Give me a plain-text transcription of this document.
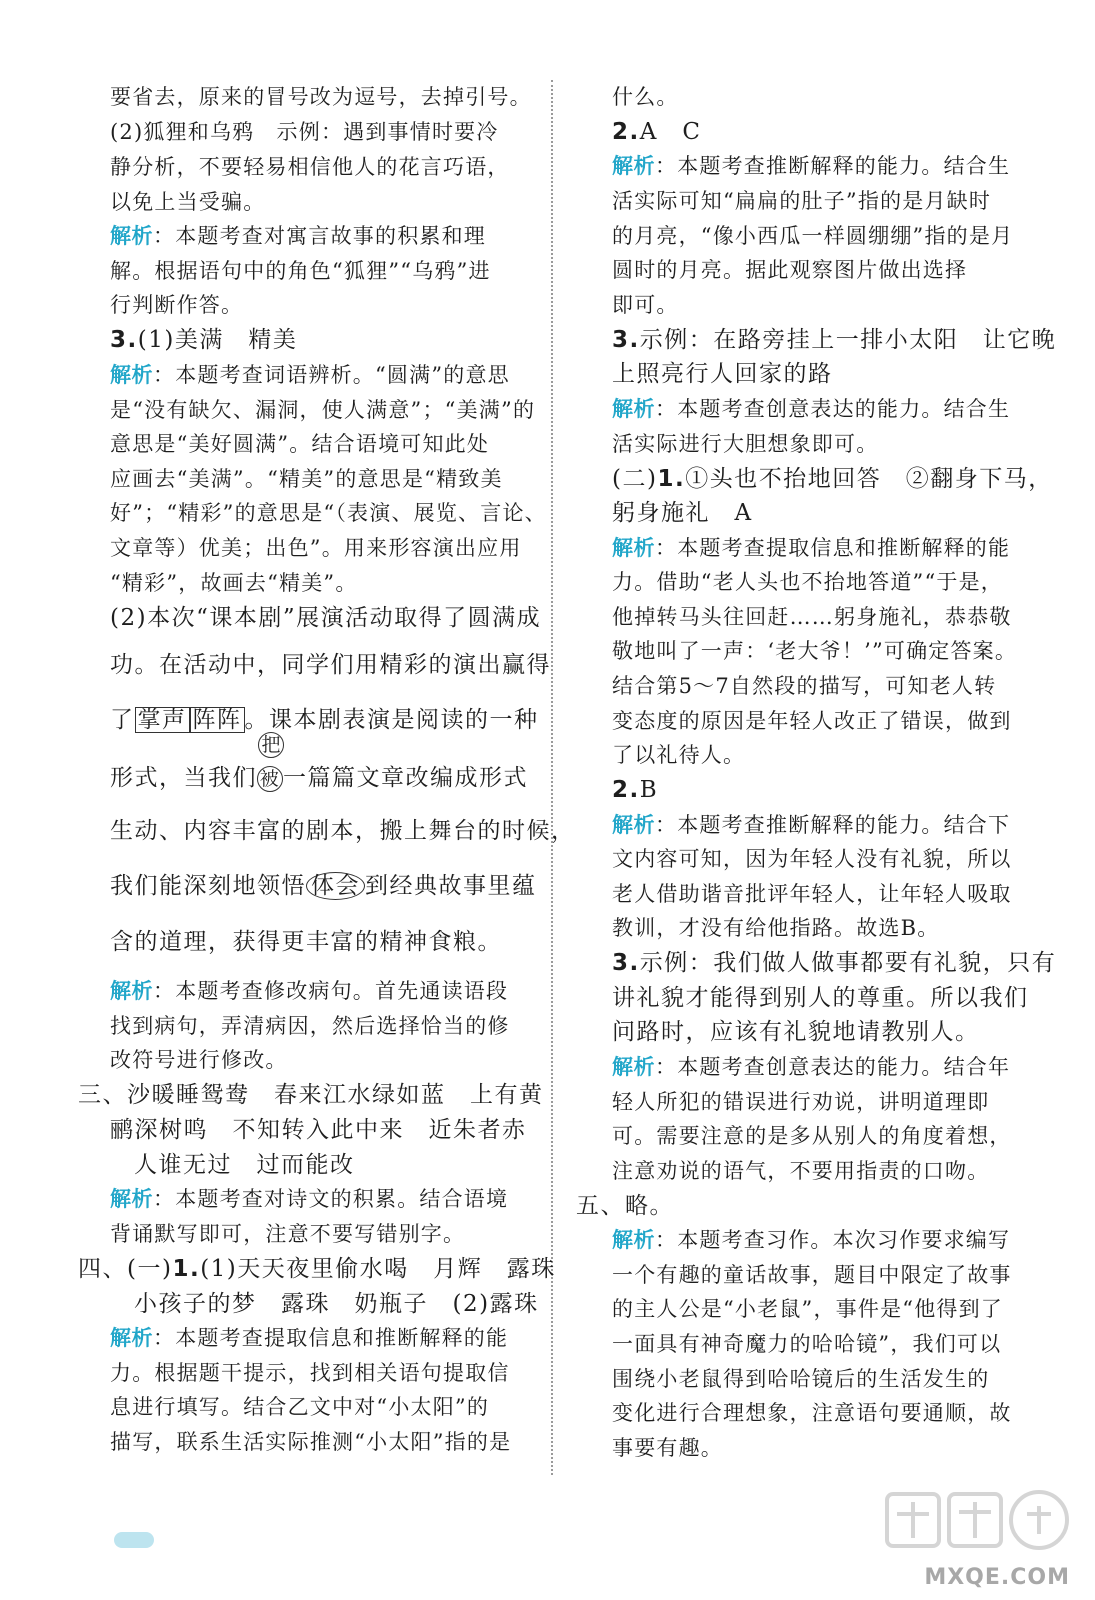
要省去，原来的冒号改为逗号，去掉引号。
(2)狐狸和乌鸦　示例：遇到事情时要冷
静分析，不要轻易相信他人的花言巧语，
以免上当受骗。
解析：本题考查对寓言故事的积累和理
解。根据语句中的角色“狐狸”“乌鸦”进
行判断作答。
3.(1)美满　精美
解析：本题考查词语辨析。“圆满”的意思
是“没有缺欠、漏洞，使人满意”；“美满”的
意思是“美好圆满”。结合语境可知此处
应画去“美满”。“精美”的意思是“精致美
好”；“精彩”的意思是“（表演、展览、言论、
文章等）优美；出色”。用来形容演出应用
“精彩”，故画去“精美”。
(2)本次“课本剧”展演活动取得了圆满成
功。在活动中，同学们用精彩的演出赢得
了 掌声 阵阵 。课本剧表演是阅读的一种
把
形式，当我们 被 一篇篇文章改编成形式
生动、内容丰富的剧本，搬上舞台的时候，
我们能深刻地领悟 体会 到经典故事里蕴
含的道理，获得更丰富的精神食粮。
解析：本题考查修改病句。首先通读语段
找到病句，弄清病因，然后选择恰当的修
改符号进行修改。
三、沙暖睡鸳鸯　春来江水绿如蓝　上有黄
鹂深树鸣　不知转入此中来　近朱者赤
人谁无过　过而能改
解析：本题考查对诗文的积累。结合语境
背诵默写即可，注意不要写错别字。
四、(一)1.(1)天天夜里偷水喝　月辉　露珠
小孩子的梦　露珠　奶瓶子　(2)露珠
解析：本题考查提取信息和推断解释的能
力。根据题干提示，找到相关语句提取信
息进行填写。结合乙文中对“小太阳”的
描写，联系生活实际推测“小太阳”指的是
什么。
2.A　C
解析：本题考查推断解释的能力。结合生
活实际可知“扁扁的肚子”指的是月缺时
的月亮，“像小西瓜一样圆绷绷”指的是月
圆时的月亮。据此观察图片做出选择
即可。
3.示例：在路旁挂上一排小太阳　让它晚
上照亮行人回家的路
解析：本题考查创意表达的能力。结合生
活实际进行大胆想象即可。
(二)1.①头也不抬地回答　②翻身下马，
躬身施礼　A
解析：本题考查提取信息和推断解释的能
力。借助“老人头也不抬地答道”“于是，
他掉转马头往回赶……躬身施礼，恭恭敬
敬地叫了一声：‘老大爷！’”可确定答案。
结合第5～7自然段的描写，可知老人转
变态度的原因是年轻人改正了错误，做到
了以礼待人。
2.B
解析：本题考查推断解释的能力。结合下
文内容可知，因为年轻人没有礼貌，所以
老人借助谐音批评年轻人，让年轻人吸取
教训，才没有给他指路。故选B。
3.示例：我们做人做事都要有礼貌，只有
讲礼貌才能得到别人的尊重。所以我们
问路时，应该有礼貌地请教别人。
解析：本题考查创意表达的能力。结合年
轻人所犯的错误进行劝说，讲明道理即
可。需要注意的是多从别人的角度着想，
注意劝说的语气，不要用指责的口吻。
五、略。
解析：本题考查习作。本次习作要求编写
一个有趣的童话故事，题目中限定了故事
的主人公是“小老鼠”，事件是“他得到了
一面具有神奇魔力的哈哈镜”，我们可以
围绕小老鼠得到哈哈镜后的生活发生的
变化进行合理想象，注意语句要通顺，故
事要有趣。
MXQE.COM
